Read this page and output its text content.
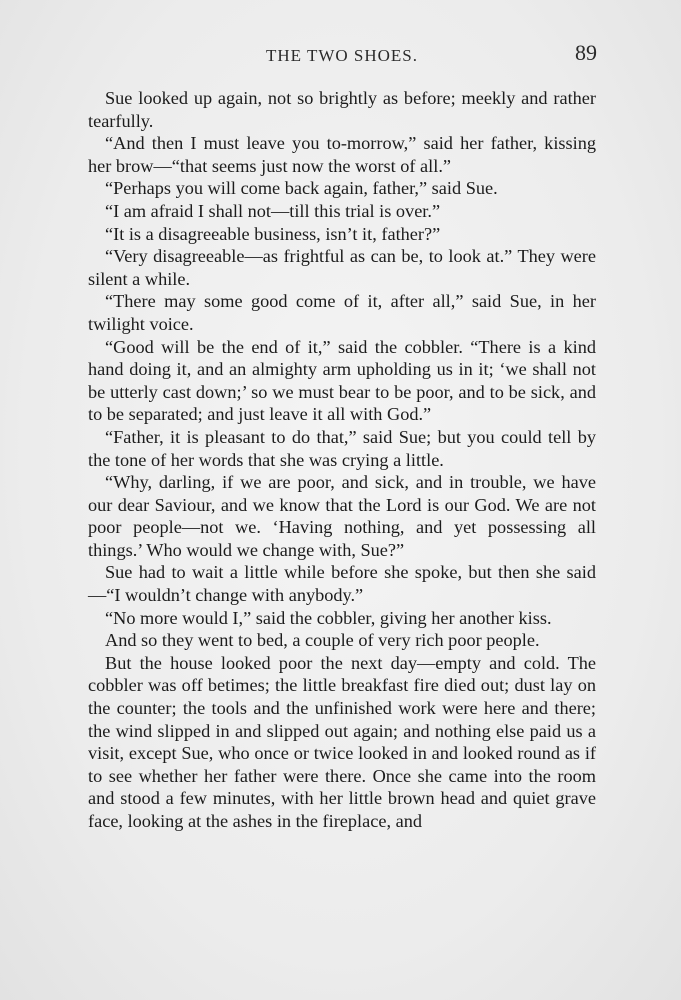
THE TWO SHOES.	89

Sue looked up again, not so brightly as before; meekly and rather tearfully.

“And then I must leave you to-morrow,” said her father, kissing her brow—“that seems just now the worst of all.”

“Perhaps you will come back again, father,” said Sue.

“I am afraid I shall not—till this trial is over.”

“It is a disagreeable business, isn’t it, father?”

“Very disagreeable—as frightful as can be, to look at.” They were silent a while.

“There may some good come of it, after all,” said Sue, in her twilight voice.

“Good will be the end of it,” said the cobbler. “There is a kind hand doing it, and an almighty arm upholding us in it; ‘we shall not be utterly cast down;’ so we must bear to be poor, and to be sick, and to be separated; and just leave it all with God.”

“Father, it is pleasant to do that,” said Sue; but you could tell by the tone of her words that she was crying a little.

“Why, darling, if we are poor, and sick, and in trouble, we have our dear Saviour, and we know that the Lord is our God. We are not poor people—not we. ‘Having nothing, and yet possessing all things.’ Who would we change with, Sue?”

Sue had to wait a little while before she spoke, but then she said—“I wouldn’t change with anybody.”

“No more would I,” said the cobbler, giving her another kiss.

And so they went to bed, a couple of very rich poor people.

But the house looked poor the next day—empty and cold. The cobbler was off betimes; the little breakfast fire died out; dust lay on the counter; the tools and the unfinished work were here and there; the wind slipped in and slipped out again; and nothing else paid us a visit, except Sue, who once or twice looked in and looked round as if to see whether her father were there. Once she came into the room and stood a few minutes, with her little brown head and quiet grave face, looking at the ashes in the fireplace, and
